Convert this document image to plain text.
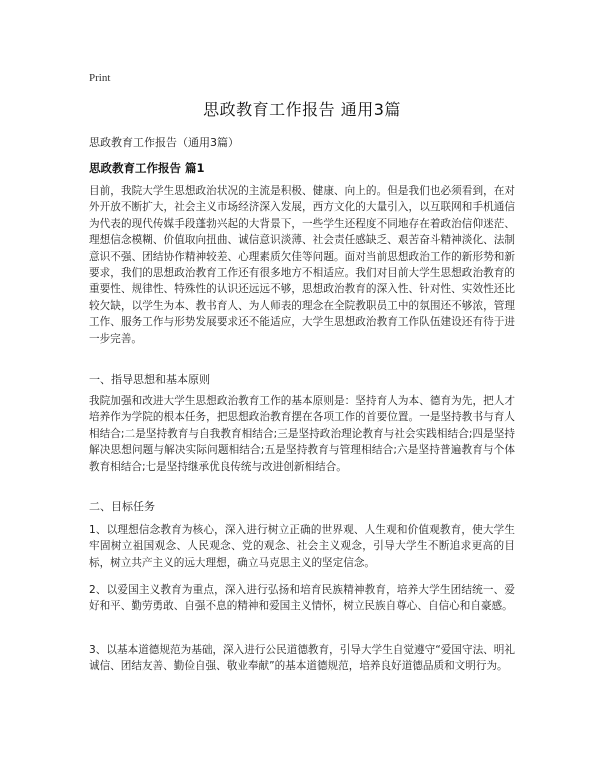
Print
思政教育工作报告 通用3篇
思政教育工作报告（通用3篇）
思政教育工作报告 篇1

目前，我院大学生思想政治状况的主流是积极、健康、向上的。但是我们也必须看到，在对外开放不断扩大，社会主义市场经济深入发展，西方文化的大量引入，以互联网和手机通信为代表的现代传媒手段蓬勃兴起的大背景下，一些学生还程度不同地存在着政治信仰迷茫、理想信念模糊、价值取向扭曲、诚信意识淡薄、社会责任感缺乏、艰苦奋斗精神淡化、法制意识不强、团结协作精神较差、心理素质欠佳等问题。面对当前思想政治工作的新形势和新要求，我们的思想政治教育工作还有很多地方不相适应。我们对目前大学生思想政治教育的重要性、规律性、特殊性的认识还远远不够，思想政治教育的深入性、针对性、实效性还比较欠缺，以学生为本、教书育人、为人师表的理念在全院教职员工中的氛围还不够浓，管理工作、服务工作与形势发展要求还不能适应，大学生思想政治教育工作队伍建设还有待于进一步完善。

一、指导思想和基本原则

我院加强和改进大学生思想政治教育工作的基本原则是：坚持育人为本、德育为先，把人才培养作为学院的根本任务，把思想政治教育摆在各项工作的首要位置。一是坚持教书与育人相结合;二是坚持教育与自我教育相结合;三是坚持政治理论教育与社会实践相结合;四是坚持解决思想问题与解决实际问题相结合;五是坚持教育与管理相结合;六是坚持普遍教育与个体教育相结合;七是坚持继承优良传统与改进创新相结合。

二、目标任务

1、以理想信念教育为核心，深入进行树立正确的世界观、人生观和价值观教育，使大学生牢固树立祖国观念、人民观念、党的观念、社会主义观念，引导大学生不断追求更高的目标，树立共产主义的远大理想，确立马克思主义的坚定信念。

2、以爱国主义教育为重点，深入进行弘扬和培育民族精神教育，培养大学生团结统一、爱好和平、勤劳勇敢、自强不息的精神和爱国主义情怀，树立民族自尊心、自信心和自豪感。

3、以基本道德规范为基础，深入进行公民道德教育，引导大学生自觉遵守“爱国守法、明礼诚信、团结友善、勤俭自强、敬业奉献”的基本道德规范，培养良好道德品质和文明行为。
